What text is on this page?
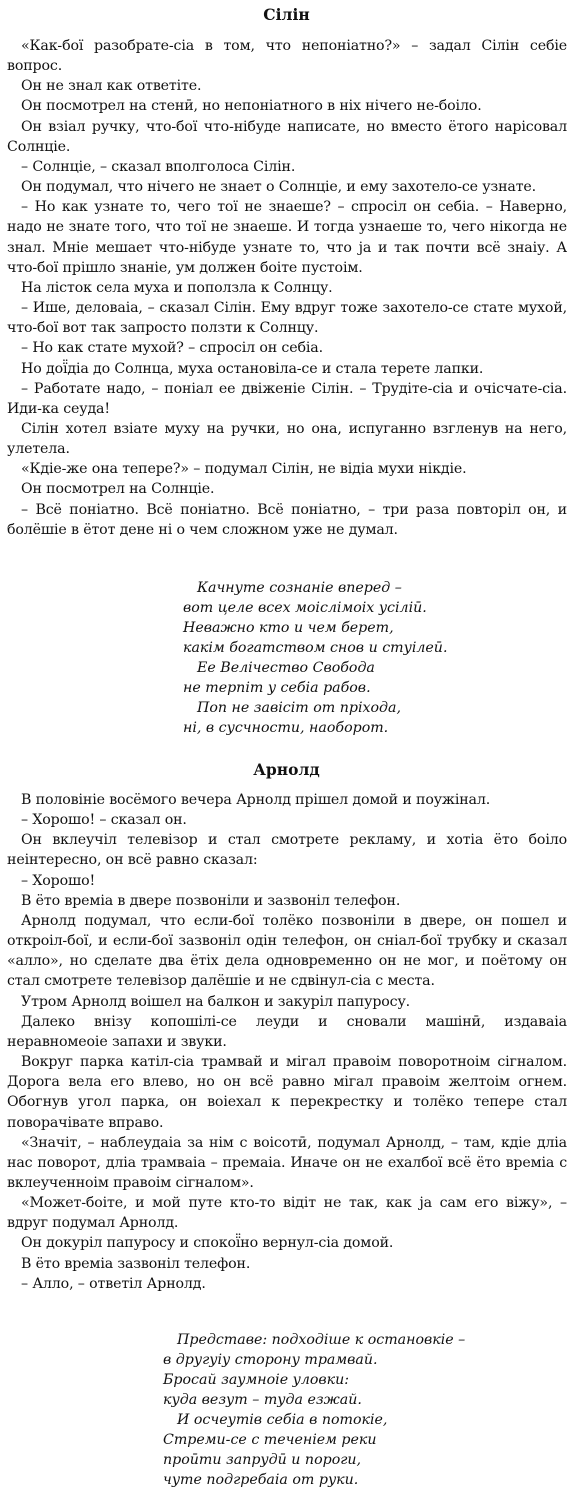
Сілін

«Как-бої разобрате-сіа в том, что непоніатно?» – задал Сілін себіе вопрос.

Он не знал как ответіте.

Он посмотрел на стенӣ, но непоніатного в ніх нічего не-боіло.

Он взіал ручку, что-бої что-нібуде написате, но вместо ётого нарісовал Солнціе.

– Солнціе, – сказал вполголоса Сілін.

Он подумал, что нічего не знает о Солнціе, и ему захотело-се узнате.

– Но как узнате то, чего тої не знаеше? – спросіл он себіа. – Наверно, надо не знате того, что тої не знаеше. И тогда узнаеше то, чего нікогда не знал. Мніе мешает что-нібуде узнате то, что ја и так почти всё знаіу. А что-бої прішло знаніе, ум должен боіте пустоім.

На лісток села муха и поползла к Солнцу.

– Ише, деловаіа, – сказал Сілін. Ему вдруг тоже захотело-се стате мухой, что-бої вот так запросто ползти к Солнцу.

– Но как стате мухой? – спросіл он себіа.

Но дої̈діа до Солнца, муха остановіла-се и стала терете лапки.

– Работате надо, – поніал ее двіженіе Сілін. – Трудіте-сіа и очісчате-сіа. Иди-ка сеуда!

Сілін хотел взіате муху на ручки, но она, испуганно взгленув на него, улетела.

«Кдіе-же она тепере?» – подумал Сілін, не відіа мухи нікдіе.

Он посмотрел на Солнціе.

– Всё поніатно. Всё поніатно. Всё поніатно, – три раза повторіл он, и болёшіе в ётот дене ні о чем сложном уже не думал.

Качнуте сознаніе вперед –
вот целе всех моіслімоіх усіліӣ.
Неважно кто и чем берет,
какім богатством снов и стуілеӣ.
Ее Велічество Свобода
не терпіт у себіа рабов.
Поп не завісіт от пріхода,
ні, в сусчности, наоборот.
Арнолд

В половініе восёмого вечера Арнолд прішел домой и поужінал.

– Хорошо! – сказал он.

Он вклеучіл телевізор и стал смотрете рекламу, и хотіа ёто боіло неінтересно, он всё равно сказал:

– Хорошо!

В ёто времіа в двере позвоніли и зазвоніл телефон.

Арнолд подумал, что если-бої толёко позвоніли в двере, он пошел и откроіл-бої, и если-бої зазвоніл одін телефон, он сніал-бої трубку и сказал «алло», но сделате два ётіх дела одновременно он не мог, и поётому он стал смотрете телевізор далёшіе и не сдвінул-сіа с места.

Утром Арнолд воішел на балкон и закуріл папуросу.

Далеко внізу копошілі-се леуди и сновали машінӣ, издаваіа неравномеоіе запахи и звуки.

Вокруг парка катіл-сіа трамвай и мігал правоім поворотноім сігналом. Дорога вела его влево, но он всё равно мігал правоім желтоім огнем. Обогнув угол парка, он воіехал к перекрестку и толёко тепере стал поворачівате вправо.

«Значіт, – наблеудаіа за нім с воісотӣ, подумал Арнолд, – там, кдіе дліа нас поворот, дліа трамваіа – премаіа. Иначе он не ехалбої всё ёто времіа с вклеученноім правоім сігналом».

«Может-боіте, и мой путе кто-то відіт не так, как ја сам его віжу», – вдруг подумал Арнолд.

Он докуріл папуросу и спокої̈но вернул-сіа домой.

В ёто времіа зазвоніл телефон.

– Алло, – ответіл Арнолд.

Представе: подходіше к остановкіе –
в другуіу сторону трамвай.
Бросай заумноіе уловки:
куда везут – туда езжай.
И осчеутів себіа в потокіе,
Стреми-се с теченіем реки
проӣти запрудӣ и пороги,
чуте подгребаіа от руки.
